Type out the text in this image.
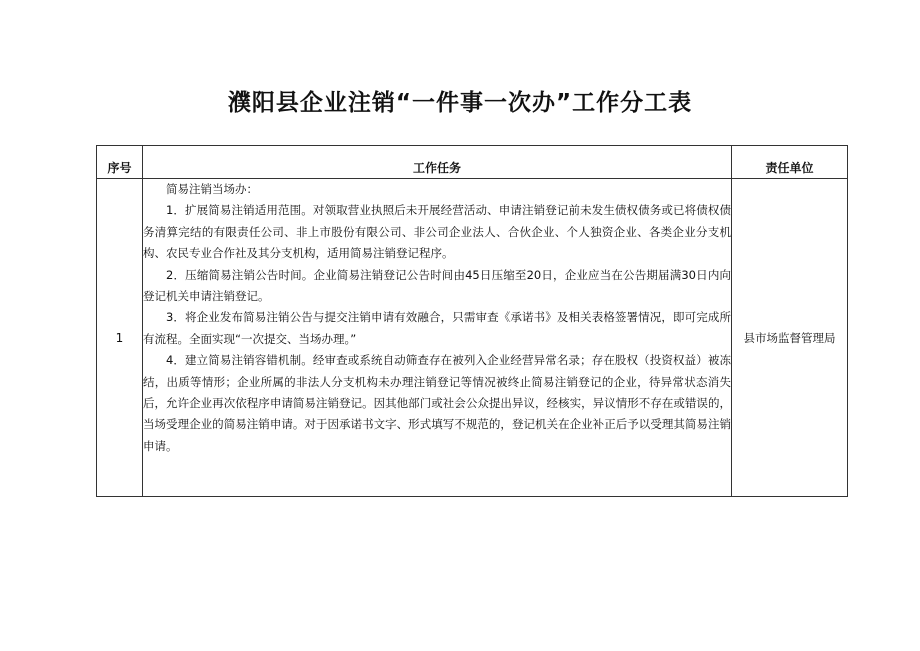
濮阳县企业注销“一件事一次办”工作分工表
序号	工作任务	责任单位
1	简易注销当场办：

1．扩展简易注销适用范围。对领取营业执照后未开展经营活动、申请注销登记前未发生债权债务或已将债权债务清算完结的有限责任公司、非上市股份有限公司、非公司企业法人、合伙企业、个人独资企业、各类企业分支机构、农民专业合作社及其分支机构，适用简易注销登记程序。

2．压缩简易注销公告时间。企业简易注销登记公告时间由45日压缩至20日，企业应当在公告期届满30日内向登记机关申请注销登记。

3．将企业发布简易注销公告与提交注销申请有效融合，只需审查《承诺书》及相关表格签署情况，即可完成所有流程。全面实现“一次提交、当场办理。”

4．建立简易注销容错机制。经审查或系统自动筛查存在被列入企业经营异常名录；存在股权（投资权益）被冻结，出质等情形；企业所属的非法人分支机构未办理注销登记等情况被终止简易注销登记的企业，待异常状态消失后，允许企业再次依程序申请简易注销登记。因其他部门或社会公众提出异议，经核实，异议情形不存在或错误的，当场受理企业的简易注销申请。对于因承诺书文字、形式填写不规范的，登记机关在企业补正后予以受理其简易注销申请。	县市场监督管理局
